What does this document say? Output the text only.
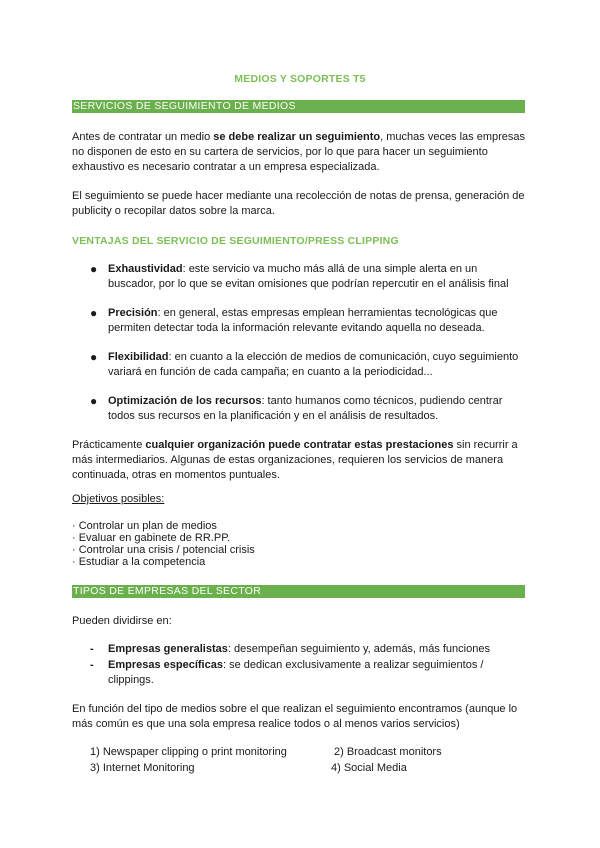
MEDIOS Y SOPORTES T5
SERVICIOS DE SEGUIMIENTO DE MEDIOS
Antes de contratar un medio se debe realizar un seguimiento, muchas veces las empresas no disponen de esto en su cartera de servicios, por lo que para hacer un seguimiento exhaustivo es necesario contratar a un empresa especializada.
El seguimiento se puede hacer mediante una recolección de notas de prensa, generación de publicity o recopilar datos sobre la marca.
VENTAJAS DEL SERVICIO DE SEGUIMIENTO/PRESS CLIPPING
● Exhaustividad: este servicio va mucho más allá de una simple alerta en un buscador, por lo que se evitan omisiones que podrían repercutir en el análisis final
● Precisión: en general, estas empresas emplean herramientas tecnológicas que permiten detectar toda la información relevante evitando aquella no deseada.
● Flexibilidad: en cuanto a la elección de medios de comunicación, cuyo seguimiento variará en función de cada campaña; en cuanto a la periodicidad...
● Optimización de los recursos: tanto humanos como técnicos, pudiendo centrar todos sus recursos en la planificación y en el análisis de resultados.
Prácticamente cualquier organización puede contratar estas prestaciones sin recurrir a más intermediarios. Algunas de estas organizaciones, requieren los servicios de manera continuada, otras en momentos puntuales.
Objetivos posibles:
· Controlar un plan de medios
· Evaluar en gabinete de RR.PP.
· Controlar una crisis / potencial crisis
· Estudiar a la competencia
TIPOS DE EMPRESAS DEL SECTOR
Pueden dividirse en:
- Empresas generalistas: desempeñan seguimiento y, además, más funciones
- Empresas específicas: se dedican exclusivamente a realizar seguimientos / clippings.
En función del tipo de medios sobre el que realizan el seguimiento encontramos (aunque lo más común es que una sola empresa realice todos o al menos varios servicios)
1) Newspaper clipping o print monitoring	2) Broadcast monitors
3) Internet Monitoring	4) Social Media
